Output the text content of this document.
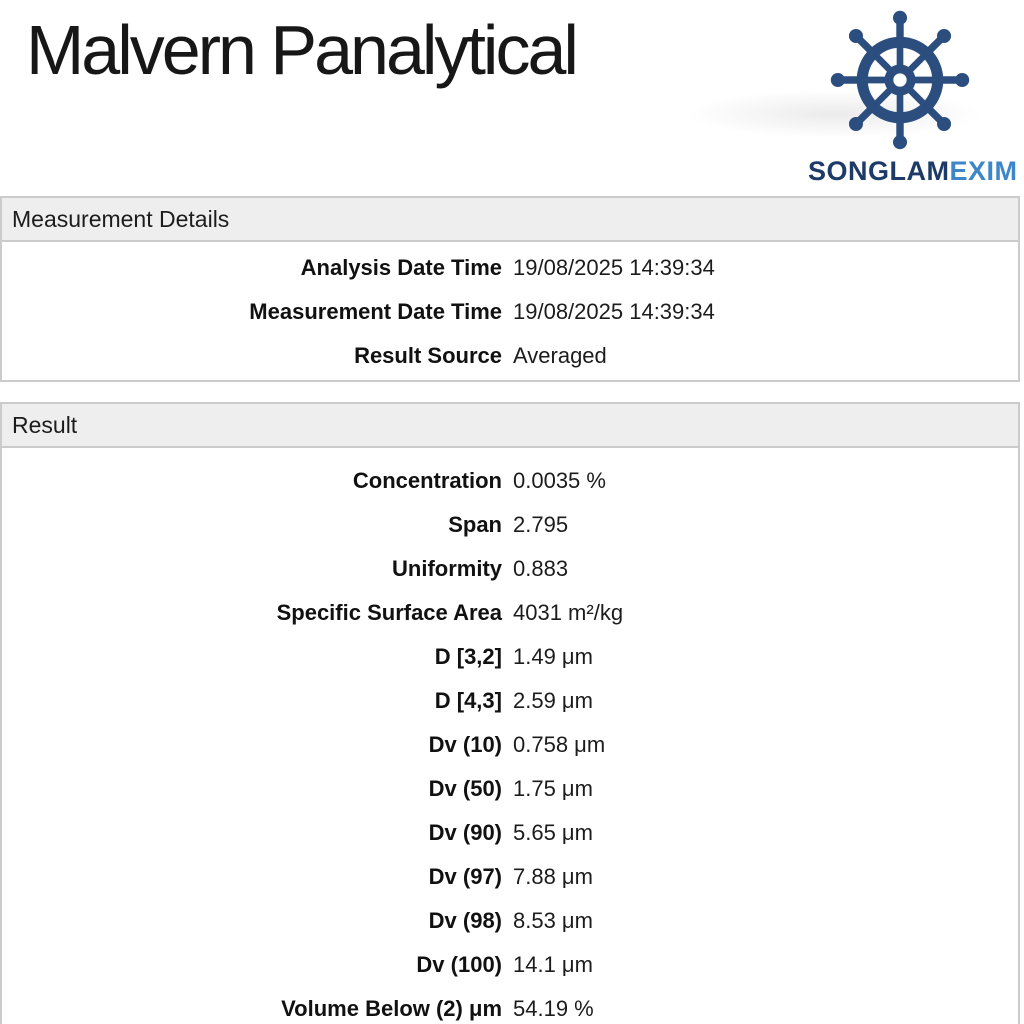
Malvern Panalytical
SONGLAMEXIM
Measurement Details
Analysis Date Time 19/08/2025 14:39:34
Measurement Date Time 19/08/2025 14:39:34
Result Source Averaged
Result
Concentration 0.0035 %
Span 2.795
Uniformity 0.883
Specific Surface Area 4031 m²/kg
D [3,2] 1.49 μm
D [4,3] 2.59 μm
Dv (10) 0.758 μm
Dv (50) 1.75 μm
Dv (90) 5.65 μm
Dv (97) 7.88 μm
Dv (98) 8.53 μm
Dv (100) 14.1 μm
Volume Below (2) μm 54.19 %
